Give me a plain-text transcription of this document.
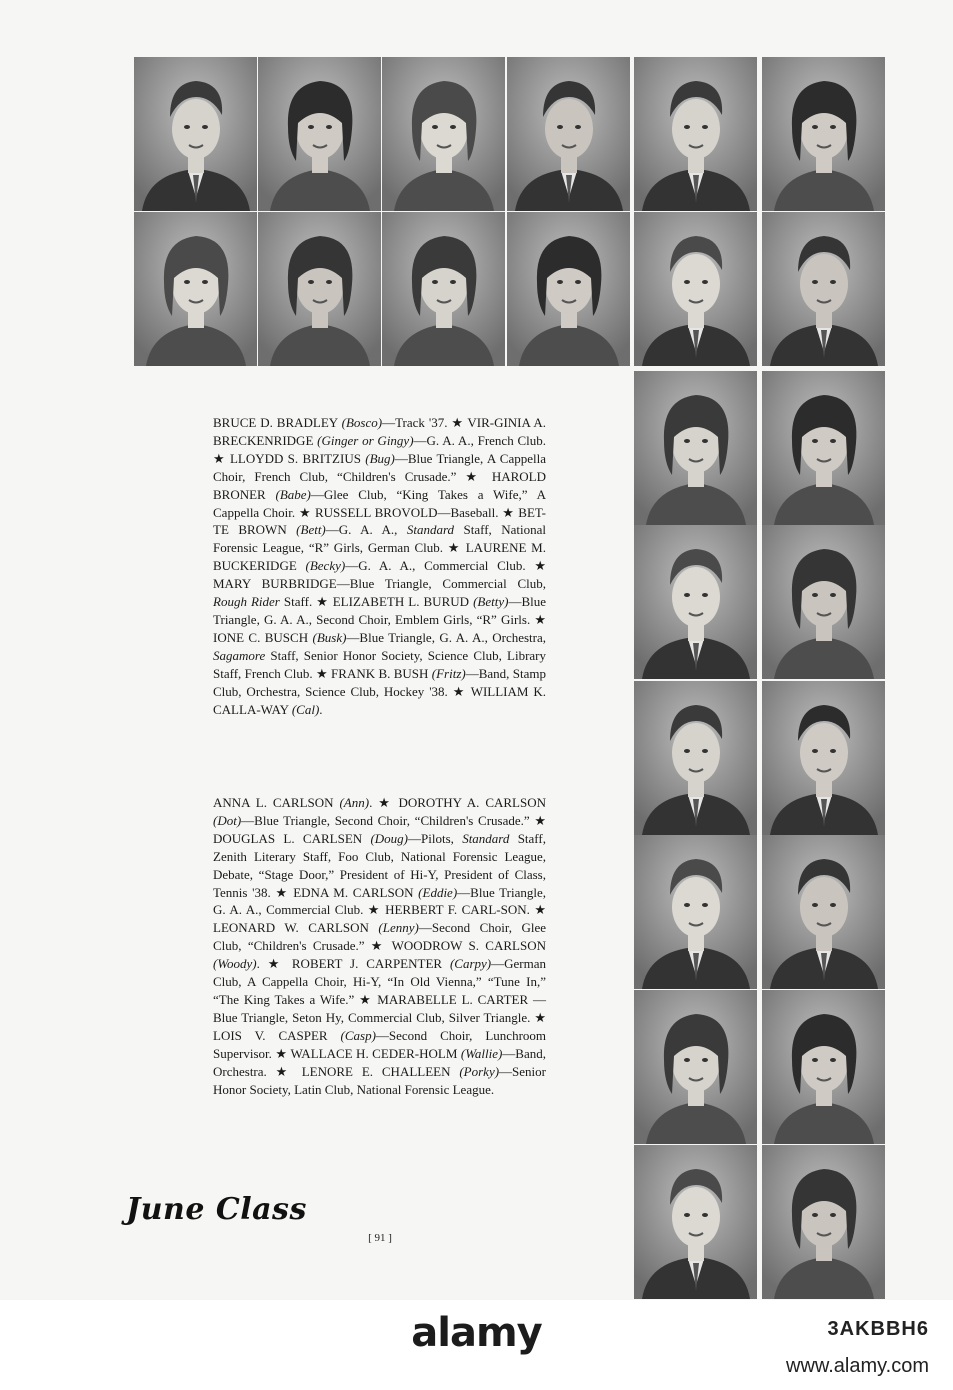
BRUCE D. BRADLEY (Bosco)—Track '37. ★ VIR-GINIA A. BRECKENRIDGE (Ginger or Gingy)—G. A. A., French Club. ★ LLOYDD S. BRITZIUS (Bug)—Blue Triangle, A Cappella Choir, French Club, “Children's Crusade.” ★ HAROLD BRONER (Babe)—Glee Club, “King Takes a Wife,” A Cappella Choir. ★ RUSSELL BROVOLD—Baseball. ★ BET-TE BROWN (Bett)—G. A. A., Standard Staff, National Forensic League, “R” Girls, German Club. ★ LAURENE M. BUCKERIDGE (Becky)—G. A. A., Commercial Club. ★ MARY BURBRIDGE—Blue Triangle, Commercial Club, Rough Rider Staff. ★ ELIZABETH L. BURUD (Betty)—Blue Triangle, G. A. A., Second Choir, Emblem Girls, “R” Girls. ★ IONE C. BUSCH (Busk)—Blue Triangle, G. A. A., Orchestra, Sagamore Staff, Senior Honor Society, Science Club, Library Staff, French Club. ★ FRANK B. BUSH (Fritz)—Band, Stamp Club, Orchestra, Science Club, Hockey '38. ★ WILLIAM K. CALLA-WAY (Cal).

ANNA L. CARLSON (Ann). ★ DOROTHY A. CARLSON (Dot)—Blue Triangle, Second Choir, “Children's Crusade.” ★ DOUGLAS L. CARLSEN (Doug)—Pilots, Standard Staff, Zenith Literary Staff, Foo Club, National Forensic League, Debate, “Stage Door,” President of Hi-Y, President of Class, Tennis '38. ★ EDNA M. CARLSON (Eddie)—Blue Triangle, G. A. A., Commercial Club. ★ HERBERT F. CARL-SON. ★ LEONARD W. CARLSON (Lenny)—Second Choir, Glee Club, “Children's Crusade.” ★ WOODROW S. CARLSON (Woody). ★ ROBERT J. CARPENTER (Carpy)—German Club, A Cappella Choir, Hi-Y, “In Old Vienna,” “Tune In,” “The King Takes a Wife.” ★ MARABELLE L. CARTER —Blue Triangle, Seton Hy, Commercial Club, Silver Triangle. ★ LOIS V. CASPER (Casp)—Second Choir, Lunchroom Supervisor. ★ WALLACE H. CEDER-HOLM (Wallie)—Band, Orchestra. ★ LENORE E. CHALLEEN (Porky)—Senior Honor Society, Latin Club, National Forensic League.

June Class
[ 91 ]
alamy	3AKBBH6
www.alamy.com
